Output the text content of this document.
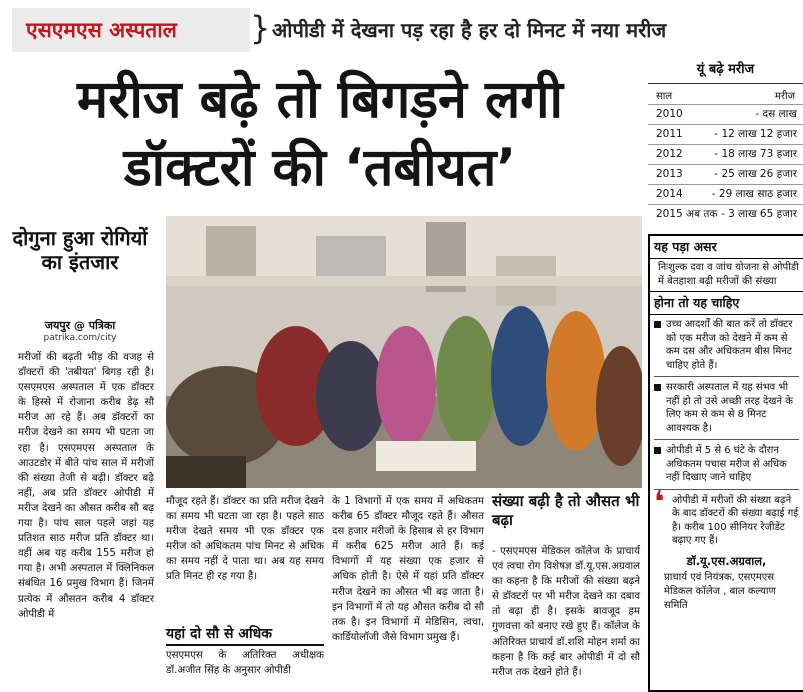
एसएमएस अस्पताल	} ओपीडी में देखना पड़ रहा है हर दो मिनट में नया मरीज
मरीज बढ़े तो बिगड़ने लगी
डॉक्टरों की ‘तबीयत’
यूं बढ़े मरीज
साल	मरीज
2010	- दस लाख
2011	- 12 लाख 12 हजार
2012	- 18 लाख 73 हजार
2013	- 25 लाख 26 हजार
2014	- 29 लाख साठ हजार
2015 अब तक - 3 लाख 65 हजार
दोगुना हुआ रोगियों का इंतजार
जयपुर @ पत्रिका
patrika.com/city
मरीजों की बढ़ती भीड़ की वजह से डॉक्टरों की 'तबीयत' बिगड़ रही है। एसएमएस अस्पताल में एक डॉक्टर के हिस्से में रोजाना करीब डेढ़ सौ मरीज आ रहे हैं। अब डॉक्टरों का मरीज देखने का समय भी घटता जा रहा है। एसएमएस अस्पताल के आउटडोर में बीते पांच साल में मरीजों की संख्या तेजी से बढ़ी। डॉक्टर बढ़े नहीं, अब प्रति डॉक्टर ओपीडी में मरीज देखने का औसत करीब सौ बढ़ गया है। पांच साल पहले जहां यह प्रतिशत साठ मरीज प्रति डॉक्टर था। वहीं अब यह करीब 155 मरीज हो गया है। अभी अस्पताल में क्लिनिकल संबंधित 16 प्रमुख विभाग हैं। जिनमें प्रत्येक में औसतन करीब 4 डॉक्टर ओपीडी में
मौजूद रहते हैं। डॉक्टर का प्रति मरीज देखने का समय भी घटता जा रहा है। पहले साठ मरीज देखते समय भी एक डॉक्टर एक मरीज को अधिकतम पांच मिनट से अधिक का समय नहीं दे पाता था। अब यह समय प्रति मिनट ही रह गया है।
यहां दो सौ से अधिक
एसएमएस के अतिरिक्त अधीक्षक डॉ.अजीत सिंह के अनुसार ओपीडी
के 1 विभागों में एक समय में अधिकतम करीब 65 डॉक्टर मौजूद रहते हैं। औसत दस हजार मरीजों के हिसाब से हर विभाग में करीब 625 मरीज आते हैं। कई विभागों में यह संख्या एक हजार से अधिक होती है। ऐसे में यहां प्रति डॉक्टर मरीज देखने का औसत भी बढ़ जाता है। इन विभागों में तो यह औसत करीब दो सौ तक है। इन विभागों में मेडिसिन, त्वचा, कार्डियोलॉजी जैसे विभाग प्रमुख हैं।
संख्या बढ़ी है तो औसत भी बढ़ा
- एसएमएस मेडिकल कॉलेज के प्राचार्य एवं त्वचा रोग विशेषज्ञ डॉ.यू.एस.अग्रवाल का कहना है कि मरीजों की संख्या बढ़ने से डॉक्टरों पर भी मरीज देखने का दबाव तो बढ़ा ही है। इसके बावजूद हम गुणवत्ता को बनाए रखे हुए हैं। कॉलेज के अतिरिक्त प्राचार्य डॉ.शशि मोहन शर्मा का कहना है कि कई बार ओपीडी में दो सौ मरीज तक देखने होते हैं।
यह पड़ा असर
निःशुल्क दवा व जांच योजना से ओपीडी में बेतहाशा बढ़ी मरीजों की संख्या
होना तो यह चाहिए
उच्च आदर्शों की बात करें तो डॉक्टर को एक मरीज को देखने में कम से कम दस और अधिकतम बीस मिनट चाहिए होते हैं।
सरकारी अस्पताल में यह संभव भी नहीं हो तो उसे अच्छी तरह देखने के लिए कम से कम से 8 मिनट आवश्यक है।
ओपीडी में 5 से 6 घंटे के दौरान अधिकतम पचास मरीज से अधिक नहीं दिखाए जाने चाहिए
❛ ओपीडी में मरीजों की संख्या बढ़ने के बाद डॉक्टरों की संख्या बढ़ाई गई है। करीब 100 सीनियर रेजीडेंट बढ़ाए गए हैं।
डॉ.यू.एस.अग्रवाल,
प्राचार्य एवं नियंत्रक, एसएमएस मेडिकल कॉलेज , बाल कल्याण समिति
